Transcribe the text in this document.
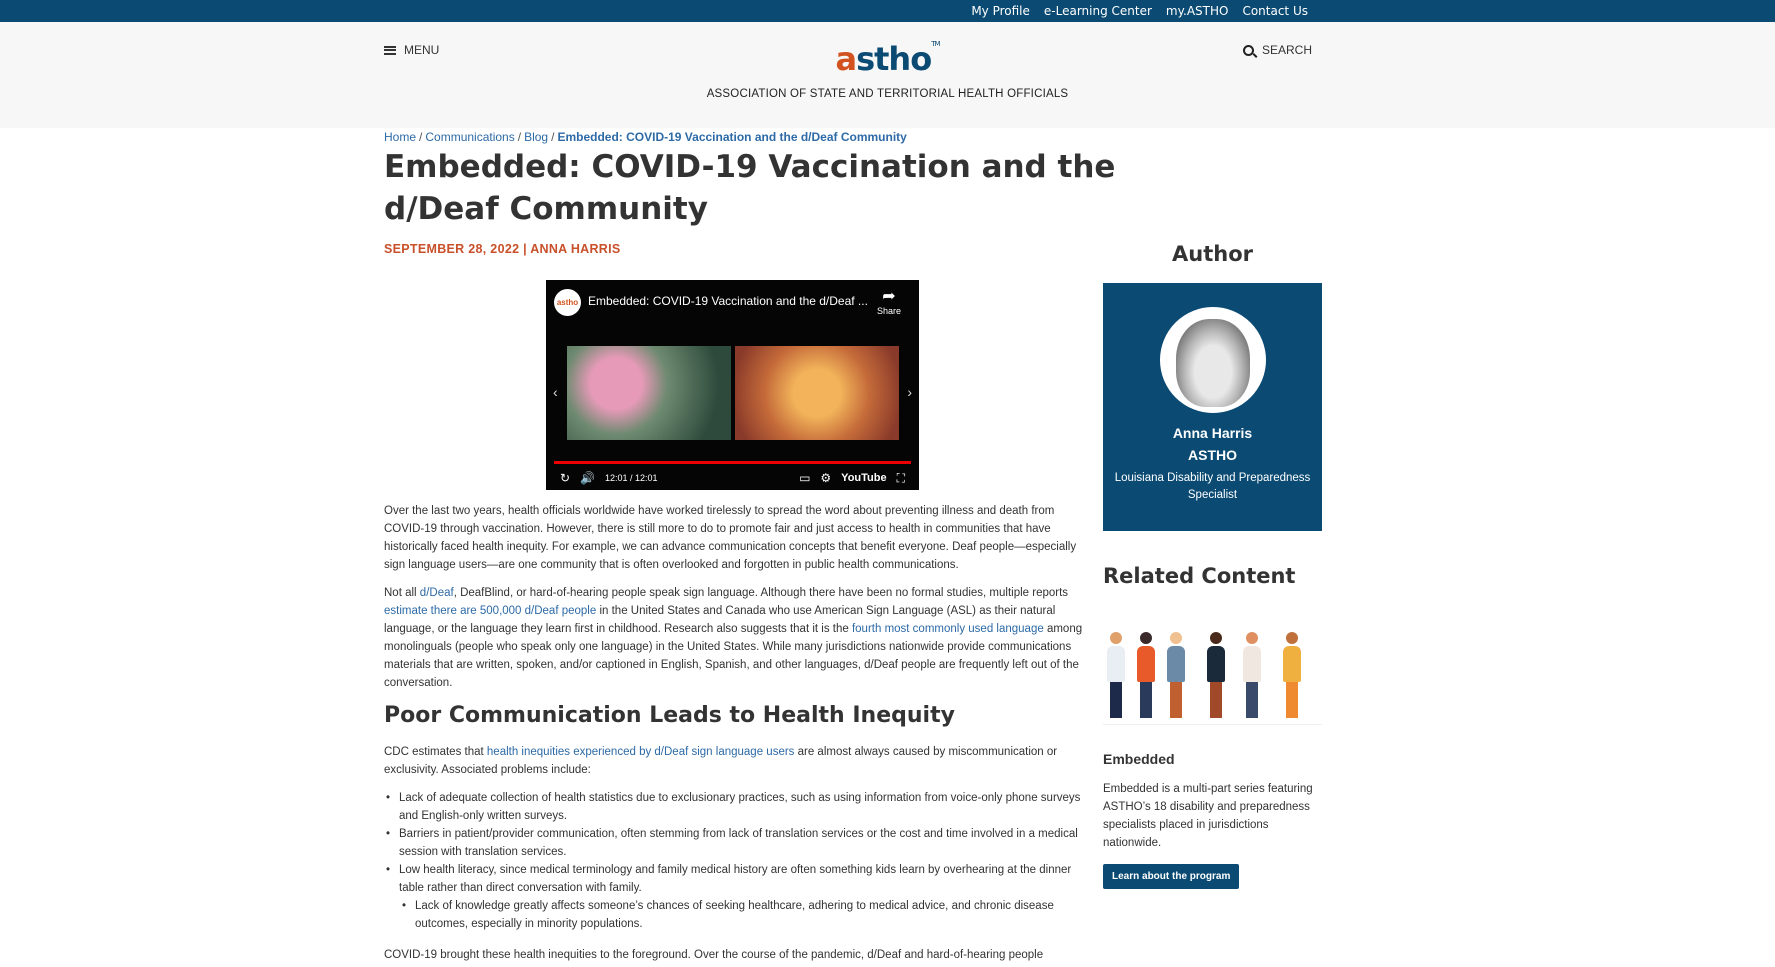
My Profile e-Learning Center my.ASTHO Contact Us
MENU	astho™
ASSOCIATION OF STATE AND TERRITORIAL HEALTH OFFICIALS
SEARCH
Home / Communications / Blog / Embedded: COVID-19 Vaccination and the d/Deaf Community
Embedded: COVID-19 Vaccination and the d/Deaf Community
SEPTEMBER 28, 2022 | ANNA HARRIS
astho Embedded: COVID-19 Vaccination and the d/Deaf ... ➦
Share
‹	›
↻ 🔊 12:01 / 12:01	▭ ⚙ YouTube ⛶

Over the last two years, health officials worldwide have worked tirelessly to spread the word about preventing illness and death from COVID-19 through vaccination. However, there is still more to do to promote fair and just access to health in communities that have historically faced health inequity. For example, we can advance communication concepts that benefit everyone. Deaf people—especially sign language users—are one community that is often overlooked and forgotten in public health communications.

Not all d/Deaf, DeafBlind, or hard-of-hearing people speak sign language. Although there have been no formal studies, multiple reports estimate there are 500,000 d/Deaf people in the United States and Canada who use American Sign Language (ASL) as their natural language, or the language they learn first in childhood. Research also suggests that it is the fourth most commonly used language among monolinguals (people who speak only one language) in the United States. While many jurisdictions nationwide provide communications materials that are written, spoken, and/or captioned in English, Spanish, and other languages, d/Deaf people are frequently left out of the conversation.

Poor Communication Leads to Health Inequity

CDC estimates that health inequities experienced by d/Deaf sign language users are almost always caused by miscommunication or exclusivity. Associated problems include:

• Lack of adequate collection of health statistics due to exclusionary practices, such as using information from voice-only phone surveys and English-only written surveys.
• Barriers in patient/provider communication, often stemming from lack of translation services or the cost and time involved in a medical session with translation services.
• Low health literacy, since medical terminology and family medical history are often something kids learn by overhearing at the dinner table rather than direct conversation with family.
• Lack of knowledge greatly affects someone’s chances of seeking healthcare, adhering to medical advice, and chronic disease outcomes, especially in minority populations.

COVID-19 brought these health inequities to the foreground. Over the course of the pandemic, d/Deaf and hard-of-hearing people

Author
Anna Harris
ASTHO
Louisiana Disability and Preparedness Specialist
Related Content
Embedded
Embedded is a multi-part series featuring ASTHO’s 18 disability and preparedness specialists placed in jurisdictions nationwide.
Learn about the program
